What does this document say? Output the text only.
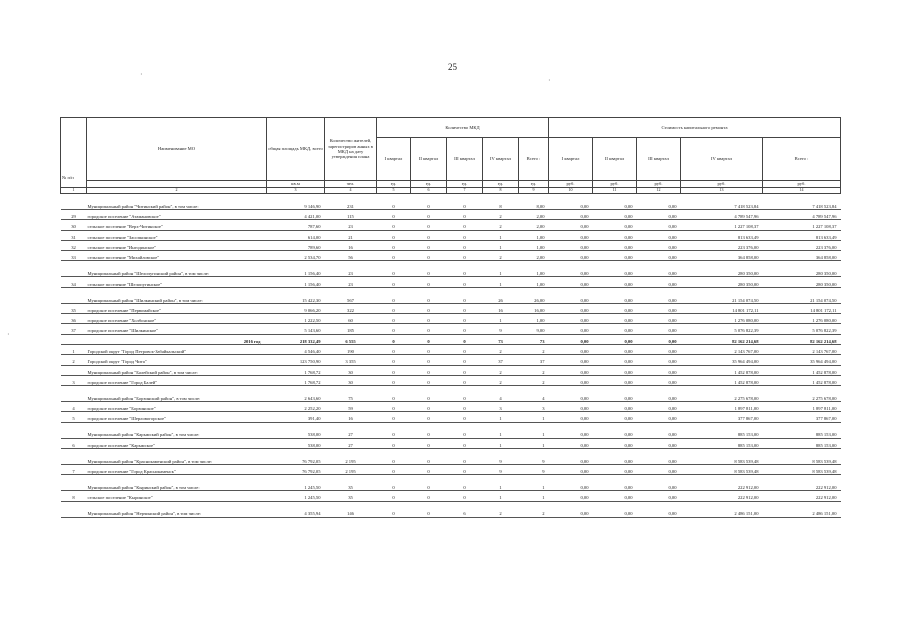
25
·
·
·
№ п/п	Наименование МО	общая площадь МКД, всего	Количество жителей, зарегистриров анных в МКД на дату утверждения плана	Количество МКД					Стоимость капитального ремонта				
				I квартал	II квартал	III квартал	IV квартал	Всего :	I квартал	II квартал	III квартал	IV квартал	Всего :
		кв.м	чел.	ед.	ед.	ед.	ед.	ед.	руб.	руб.	руб.	руб.	руб.
1	2	3	4	5	6	7	8	9	10	11	12	13	14
	Муниципальный район "Читинский район", в том числе:	9 146,90	231	0	0	0	8	8,00	0,00	0,00	0,00	7 418 523,84	7 418 523,84
29	городское поселение "Атамановское"	4 421,00	115	0	0	0	2	2,00	0,00	0,00	0,00	4 789 547,96	4 789 547,96
30	сельское поселение "Верх-Читинское"	787,60	23	0	0	0	2	2,00	0,00	0,00	0,00	1 227 108,37	1 227 108,37
31	сельское поселение "Засопкинское"	614,00	21	0	0	0	1	1,00	0,00	0,00	0,00	813 633,49	813 633,49
32	сельское поселение "Ингодинское"	789,60	16	0	0	0	1	1,00	0,00	0,00	0,00	223 376,00	223 376,00
33	сельское поселение "Михайловское"	2 534,70	56	0	0	0	2	2,00	0,00	0,00	0,00	364 858,00	364 858,00
	Муниципальный район "Шелопугинский район", в том числе:	1 156,40	23	0	0	0	1	1,00	0,00	0,00	0,00	280 350,00	280 350,00
34	сельское поселение "Шелопугинское"	1 156,40	23	0	0	0	1	1,00	0,00	0,00	0,00	280 350,00	280 350,00
	Муниципальный район "Шилкинский район", в том числе:	15 422,30	567	0	0	0	26	26,00	0,00	0,00	0,00	21 154 074,50	21 154 074,50
35	городское поселение "Первомайское"	9 066,20	322	0	0	0	16	16,00	0,00	0,00	0,00	14 801 172,11	14 801 172,11
36	городское поселение "Холбонское"	1 222,50	60	0	0	0	1	1,00	0,00	0,00	0,00	1 276 080,00	1 276 080,00
37	городское поселение "Шилкинское"	5 143,60	185	0	0	0	9	9,00	0,00	0,00	0,00	5 076 822,39	5 076 822,39
	2016 год	218 332,49	6 555	0	0	0	73	73	0,00	0,00	0,00	82 162 214,68	82 162 214,68
1	Городской округ "Город Петровск-Забайкальский"	4 546,40	190	0	0	0	2	2	0,00	0,00	0,00	2 143 767,00	2 143 767,00
2	Городской округ "Город Чита"	123 750,90	3 355	0	0	0	37	37	0,00	0,00	0,00	35 964 494,00	35 964 494,00
	Муниципальный район "Балейский район", в том числе:	1 768,72	30	0	0	0	2	2	0,00	0,00	0,00	1 452 878,00	1 452 878,00
3	городское поселение "Город Балей"	1 768,72	30	0	0	0	2	2	0,00	0,00	0,00	1 452 878,00	1 452 878,00
	Муниципальный район "Борзинский район", в том числе:	2 643,60	75	0	0	0	4	4	0,00	0,00	0,00	2 275 678,00	2 275 678,00
4	городское поселение "Борзинское"	2 252,20	59	0	0	0	3	3	0,00	0,00	0,00	1 897 811,00	1 897 811,00
5	городское поселение "Шерловогорское"	391,40	16	0	0	0	1	1	0,00	0,00	0,00	377 867,00	377 867,00
	Муниципальный район "Карымский район", в том числе:	538,00	27	0	0	0	1	1	0,00	0,00	0,00	885 153,00	885 153,00
6	городское поселение "Карымское"	538,00	27	0	0	0	1	1	0,00	0,00	0,00	885 153,00	885 153,00
	Муниципальный район "Краснокаменский район", в том числе:	76 792,05	2 195	0	0	0	9	9	0,00	0,00	0,00	8 583 539,48	8 583 539,48
7	городское поселение "Город Краснокаменск"	76 792,05	2 195	0	0	0	9	9	0,00	0,00	0,00	8 583 539,48	8 583 539,48
	Муниципальный район "Кыринский район", в том числе:	1 245,50	35	0	0	0	1	1	0,00	0,00	0,00	222 912,00	222 912,00
8	сельское поселение "Кыринское"	1 245,50	35	0	0	0	1	1	0,00	0,00	0,00	222 912,00	222 912,00
	Муниципальный район "Нерчинский район", в том числе:	4 355,94	146	0	0	6	2	2	0,00	0,00	0,00	2 486 151,00	2 486 151,00
